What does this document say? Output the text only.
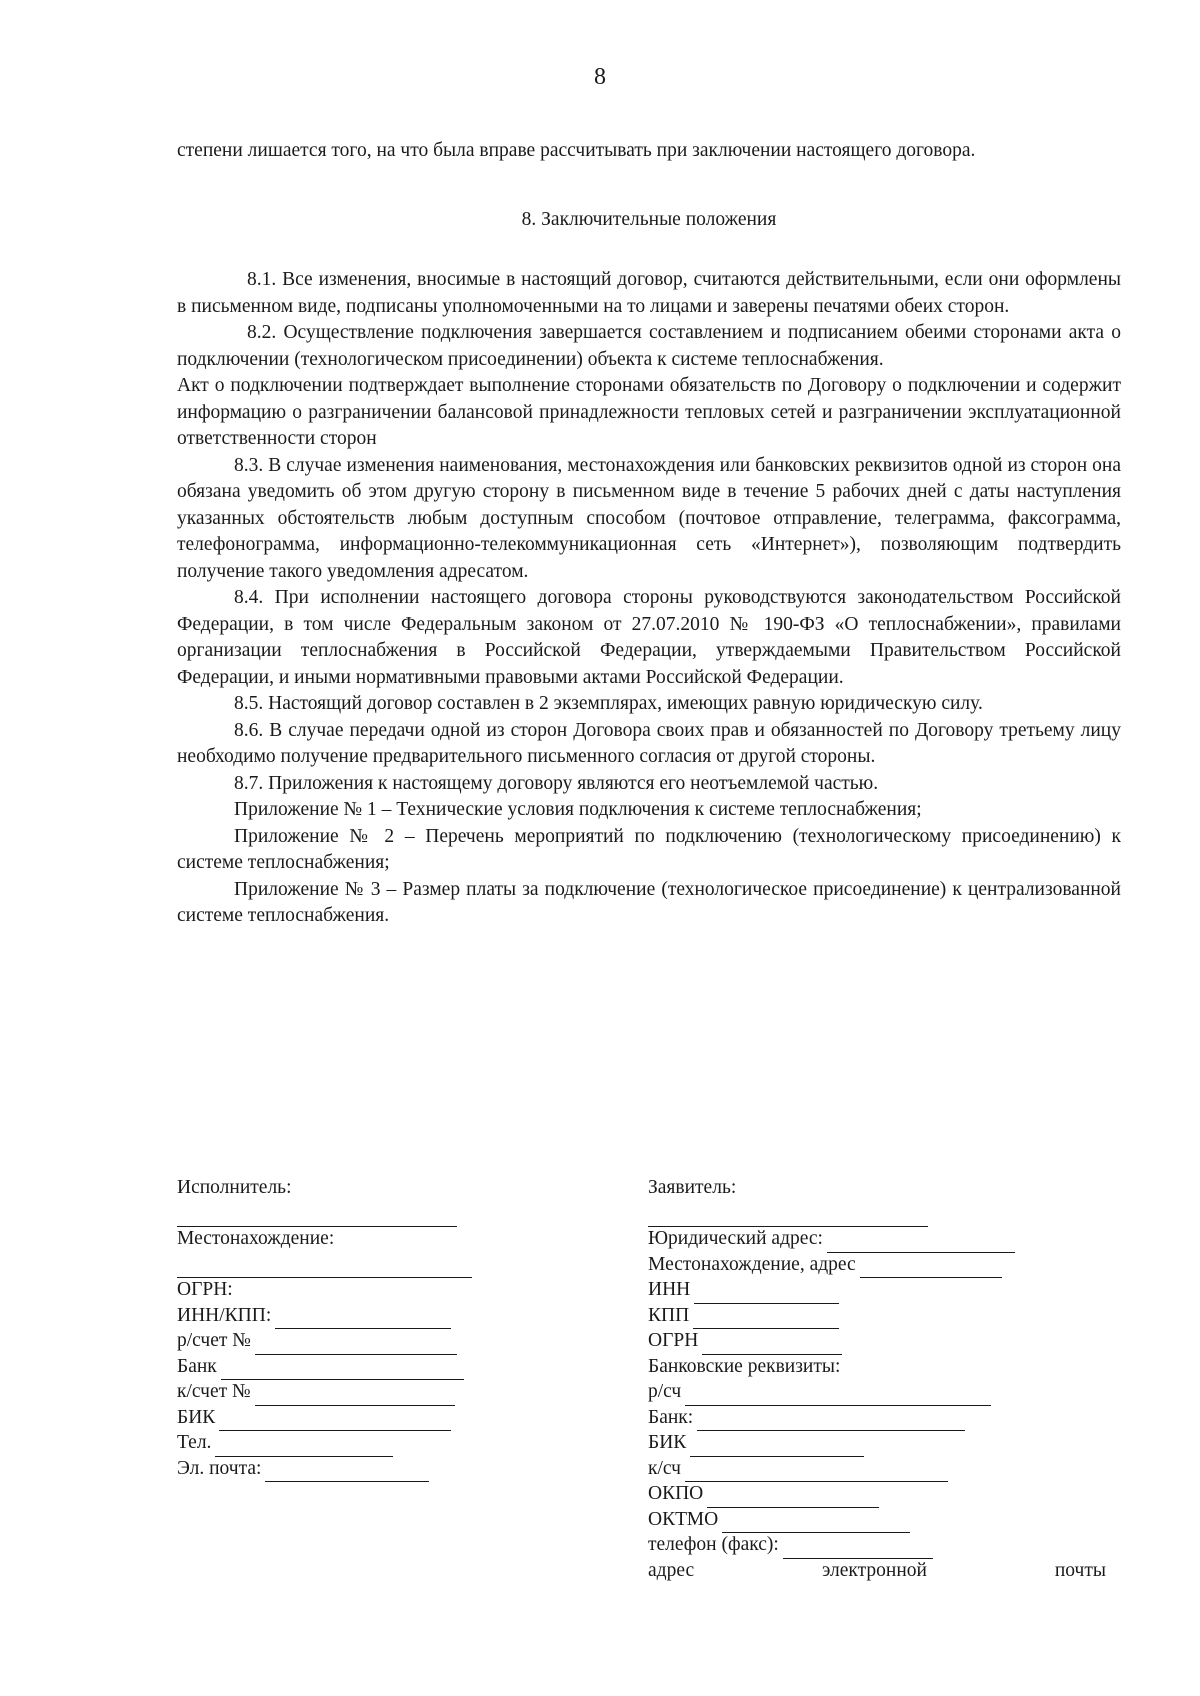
8

степени лишается того, на что была вправе рассчитывать при заключении настоящего договора.

8. Заключительные положения

8.1. Все изменения, вносимые в настоящий договор, считаются действительными, если они оформлены в письменном виде, подписаны уполномоченными на то лицами и заверены печатями обеих сторон.

8.2. Осуществление подключения завершается составлением и подписанием обеими сторонами акта о подключении (технологическом присоединении) объекта к системе теплоснабжения.

Акт о подключении подтверждает выполнение сторонами обязательств по Договору о подключении и содержит информацию о разграничении балансовой принадлежности тепловых сетей и разграничении эксплуатационной ответственности сторон

8.3. В случае изменения наименования, местонахождения или банковских реквизитов одной из сторон она обязана уведомить об этом другую сторону в письменном виде в течение 5 рабочих дней с даты наступления указанных обстоятельств любым доступным способом (почтовое отправление, телеграмма, факсограмма, телефонограмма, информационно-телекоммуникационная сеть «Интернет»), позволяющим подтвердить получение такого уведомления адресатом.

8.4. При исполнении настоящего договора стороны руководствуются законодательством Российской Федерации, в том числе Федеральным законом от 27.07.2010 № 190-ФЗ «О теплоснабжении», правилами организации теплоснабжения в Российской Федерации, утверждаемыми Правительством Российской Федерации, и иными нормативными правовыми актами Российской Федерации.

8.5. Настоящий договор составлен в 2 экземплярах, имеющих равную юридическую силу.

8.6. В случае передачи одной из сторон Договора своих прав и обязанностей по Договору третьему лицу необходимо получение предварительного письменного согласия от другой стороны.

8.7. Приложения к настоящему договору являются его неотъемлемой частью.

Приложение № 1 – Технические условия подключения к системе теплоснабжения;

Приложение № 2 – Перечень мероприятий по подключению (технологическому присоединению) к системе теплоснабжения;

Приложение № 3 – Размер платы за подключение (технологическое присоединение) к централизованной системе теплоснабжения.

Исполнитель:
Местонахождение:
ОГРН:
ИНН/КПП:
р/счет №
Банк
к/счет №
БИК
Тел.
Эл. почта:
Заявитель:
Юридический адрес:
Местонахождение, адрес
ИНН
КПП
ОГРН
Банковские реквизиты:
р/сч
Банк:
БИК
к/сч
ОКПО
ОКТМО
телефон (факс):
адрес	электронной	почты
